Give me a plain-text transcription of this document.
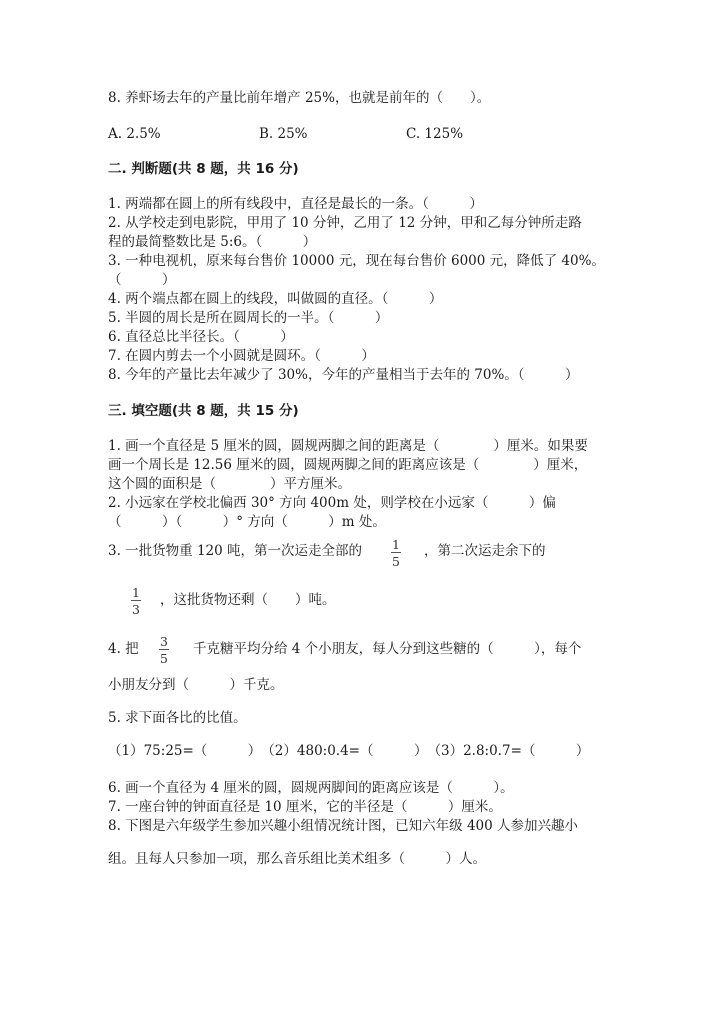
8. 养虾场去年的产量比前年增产 25%，也就是前年的（　　）。
A. 2.5%	B. 25%	C. 125%
二. 判断题(共 8 题，共 16 分)
1. 两端都在圆上的所有线段中，直径是最长的一条。（　　　）
2. 从学校走到电影院，甲用了 10 分钟，乙用了 12 分钟，甲和乙每分钟所走路
程的最简整数比是 5:6。（　　　）
3. 一种电视机，原来每台售价 10000 元，现在每台售价 6000 元，降低了 40%。
（　　　）
4. 两个端点都在圆上的线段，叫做圆的直径。（　　　）
5. 半圆的周长是所在圆周长的一半。（　　　）
6. 直径总比半径长。（　　　）
7. 在圆内剪去一个小圆就是圆环。（　　　）
8. 今年的产量比去年减少了 30%，今年的产量相当于去年的 70%。（　　　）
三. 填空题(共 8 题，共 15 分)
1. 画一个直径是 5 厘米的圆，圆规两脚之间的距离是（　　　　）厘米。如果要
画一个周长是 12.56 厘米的圆，圆规两脚之间的距离应该是（　　　　）厘米，
这个圆的面积是（　　　　）平方厘米。
2. 小远家在学校北偏西 30° 方向 400m 处，则学校在小远家（　　　）偏
（　　　）（　　　）° 方向（　　　）m 处。
3. 一批货物重 120 吨，第一次运走全部的 1
5
，第二次运走余下的
1
3
，这批货物还剩（　　）吨。
4. 把 3
5
千克糖平均分给 4 个小朋友，每人分到这些糖的（　　　），每个
小朋友分到（　　　）千克。
5. 求下面各比的比值。
（1）75:25=（　　　）　（2）480:0.4=（　　　）　（3）2.8:0.7=（　　　）
6. 画一个直径为 4 厘米的圆，圆规两脚间的距离应该是（　　　）。
7. 一座台钟的钟面直径是 10 厘米，它的半径是（　　　）厘米。
8. 下图是六年级学生参加兴趣小组情况统计图，已知六年级 400 人参加兴趣小
组。且每人只参加一项，那么音乐组比美术组多（　　　）人。
